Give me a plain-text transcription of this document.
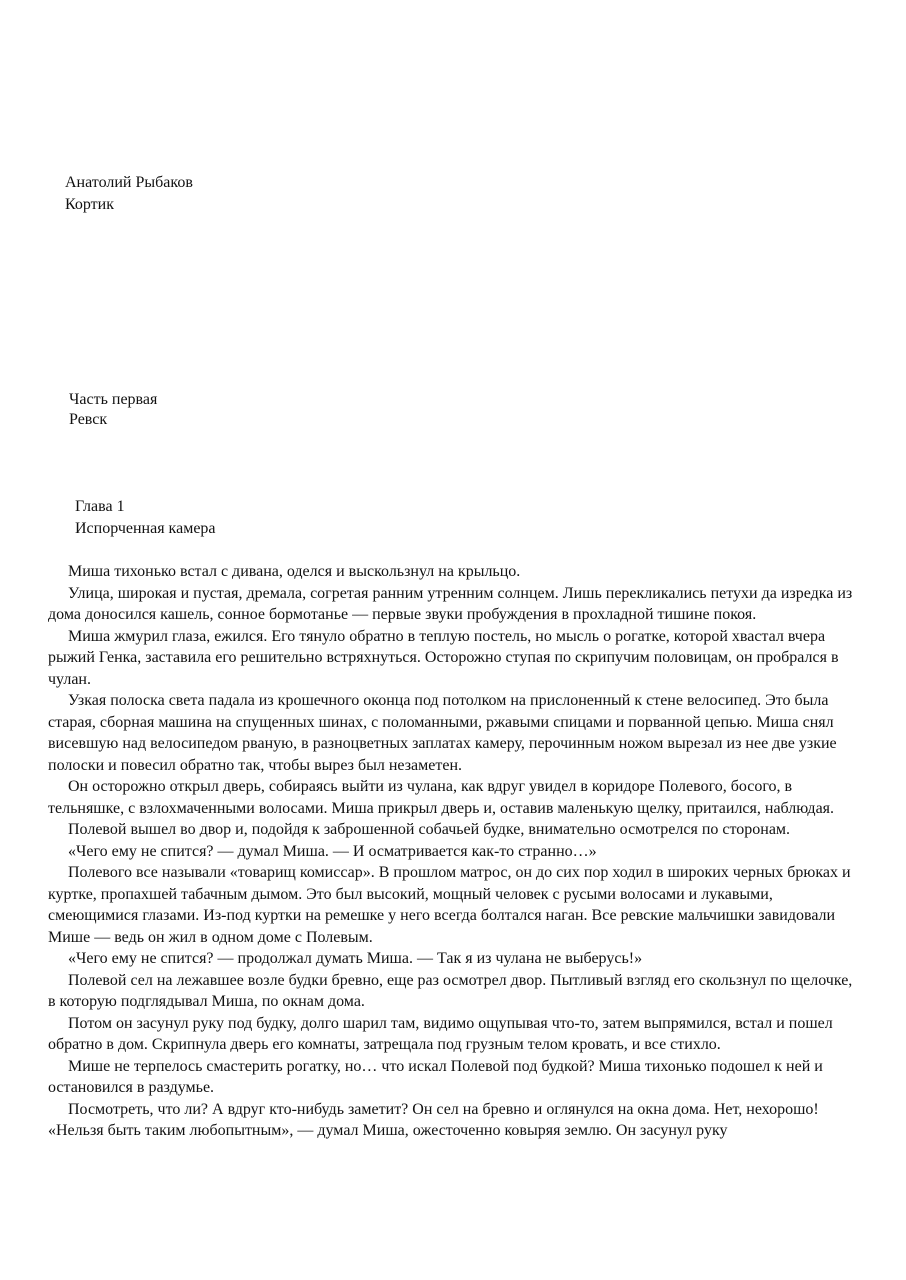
Анатолий Рыбаков
Кортик
Часть первая
Ревск
Глава 1
Испорченная камера

Миша тихонько встал с дивана, оделся и выскользнул на крыльцо.

Улица, широкая и пустая, дремала, согретая ранним утренним солнцем. Лишь перекликались петухи да изредка из дома доносился кашель, сонное бормотанье — первые звуки пробуждения в прохладной тишине покоя.

Миша жмурил глаза, ежился. Его тянуло обратно в теплую постель, но мысль о рогатке, которой хвастал вчера рыжий Генка, заставила его решительно встряхнуться. Осторожно ступая по скрипучим половицам, он пробрался в чулан.

Узкая полоска света падала из крошечного оконца под потолком на прислоненный к стене велосипед. Это была старая, сборная машина на спущенных шинах, с поломанными, ржавыми спицами и порванной цепью. Миша снял висевшую над велосипедом рваную, в разноцветных заплатах камеру, перочинным ножом вырезал из нее две узкие полоски и повесил обратно так, чтобы вырез был незаметен.

Он осторожно открыл дверь, собираясь выйти из чулана, как вдруг увидел в коридоре Полевого, босого, в тельняшке, с взлохмаченными волосами. Миша прикрыл дверь и, оставив маленькую щелку, притаился, наблюдая.

Полевой вышел во двор и, подойдя к заброшенной собачьей будке, внимательно осмотрелся по сторонам.

«Чего ему не спится? — думал Миша. — И осматривается как-то странно…»

Полевого все называли «товарищ комиссар». В прошлом матрос, он до сих пор ходил в широких черных брюках и куртке, пропахшей табачным дымом. Это был высокий, мощный человек с русыми волосами и лукавыми, смеющимися глазами. Из-под куртки на ремешке у него всегда болтался наган. Все ревские мальчишки завидовали Мише — ведь он жил в одном доме с Полевым.

«Чего ему не спится? — продолжал думать Миша. — Так я из чулана не выберусь!»

Полевой сел на лежавшее возле будки бревно, еще раз осмотрел двор. Пытливый взгляд его скользнул по щелочке, в которую подглядывал Миша, по окнам дома.

Потом он засунул руку под будку, долго шарил там, видимо ощупывая что-то, затем выпрямился, встал и пошел обратно в дом. Скрипнула дверь его комнаты, затрещала под грузным телом кровать, и все стихло.

Мише не терпелось смастерить рогатку, но… что искал Полевой под будкой? Миша тихонько подошел к ней и остановился в раздумье.

Посмотреть, что ли? А вдруг кто-нибудь заметит? Он сел на бревно и оглянулся на окна дома. Нет, нехорошо! «Нельзя быть таким любопытным», — думал Миша, ожесточенно ковыряя землю. Он засунул руку
